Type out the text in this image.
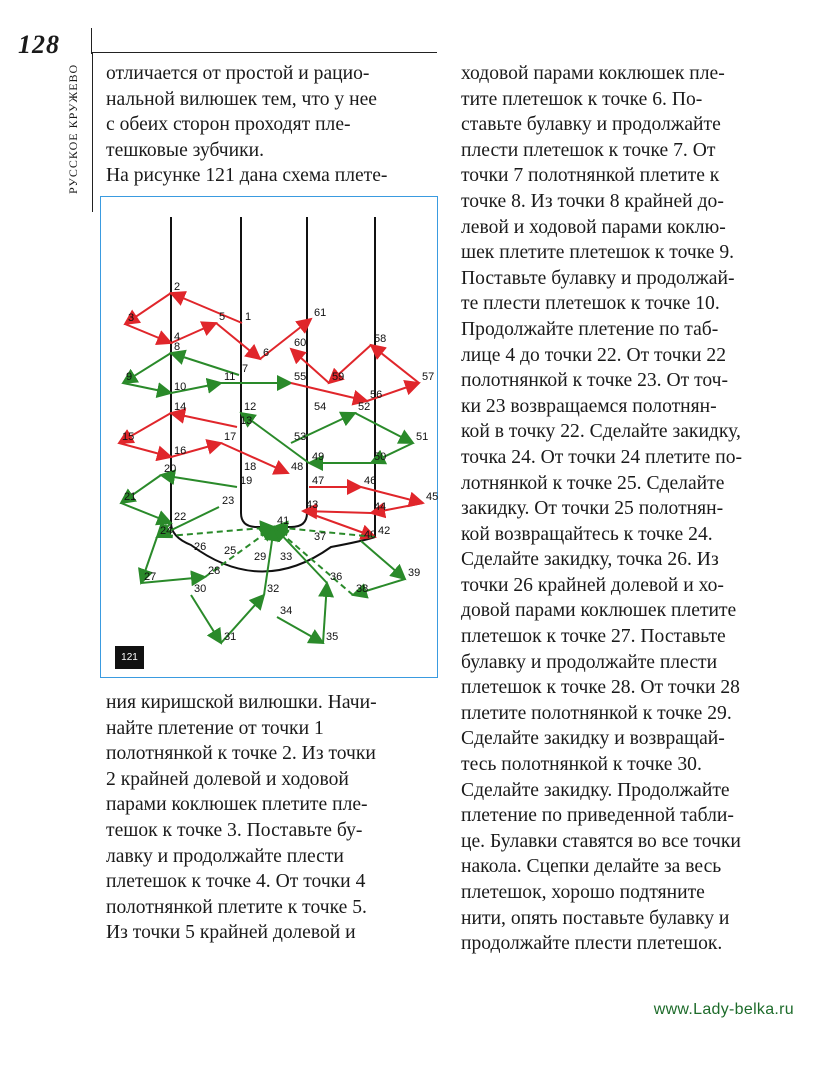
128
РУССКОЕ КРУЖЕВО	отличается от простой и рацио-

нальной вилюшек тем, что у нее

с обеих сторон проходят пле-

тешковые зубчики.

На рисунке 121 дана схема плете-

1
2
3
4
5
6
7
8
9
10
11
12
13
14
15
16
17
18
19
20
21
22
23
24
25
26
27	28
29
30
31
32
33
34
35
36
37
38
39
40
41
42
43	44
45
46
47
48
49	50
51
52
53
54
55
56
57
58
59
60
61
121

ния киришской вилюшки. Начи-

найте плетение от точки 1

полотнянкой к точке 2. Из точки

2 крайней долевой и ходовой

парами коклюшек плетите пле-

тешок к точке 3. Поставьте бу-

лавку и продолжайте плести

плетешок к точке 4. От точки 4

полотнянкой плетите к точке 5.

Из точки 5 крайней долевой и

ходовой парами коклюшек пле-

тите плетешок к точке 6. По-

ставьте булавку и продолжайте

плести плетешок к точке 7. От

точки 7 полотнянкой плетите к

точке 8. Из точки 8 крайней до-

левой и ходовой парами коклю-

шек плетите плетешок к точке 9.

Поставьте булавку и продолжай-

те плести плетешок к точке 10.

Продолжайте плетение по таб-

лице 4 до точки 22. От точки 22

полотнянкой к точке 23. От точ-

ки 23 возвращаемся полотнян-

кой в точку 22. Сделайте закидку,

точка 24. От точки 24 плетите по-

лотнянкой к точке 25. Сделайте

закидку. От точки 25 полотнян-

кой возвращайтесь к точке 24.

Сделайте закидку, точка 26. Из

точки 26 крайней долевой и хо-

довой парами коклюшек плетите

плетешок к точке 27. Поставьте

булавку и продолжайте плести

плетешок к точке 28. От точки 28

плетите полотнянкой к точке 29.

Сделайте закидку и возвращай-

тесь полотнянкой к точке 30.

Сделайте закидку. Продолжайте

плетение по приведенной табли-

це. Булавки ставятся во все точки

накола. Сцепки делайте за весь

плетешок, хорошо подтяните

нити, опять поставьте булавку и

продолжайте плести плетешок.

www.Lady-belka.ru
